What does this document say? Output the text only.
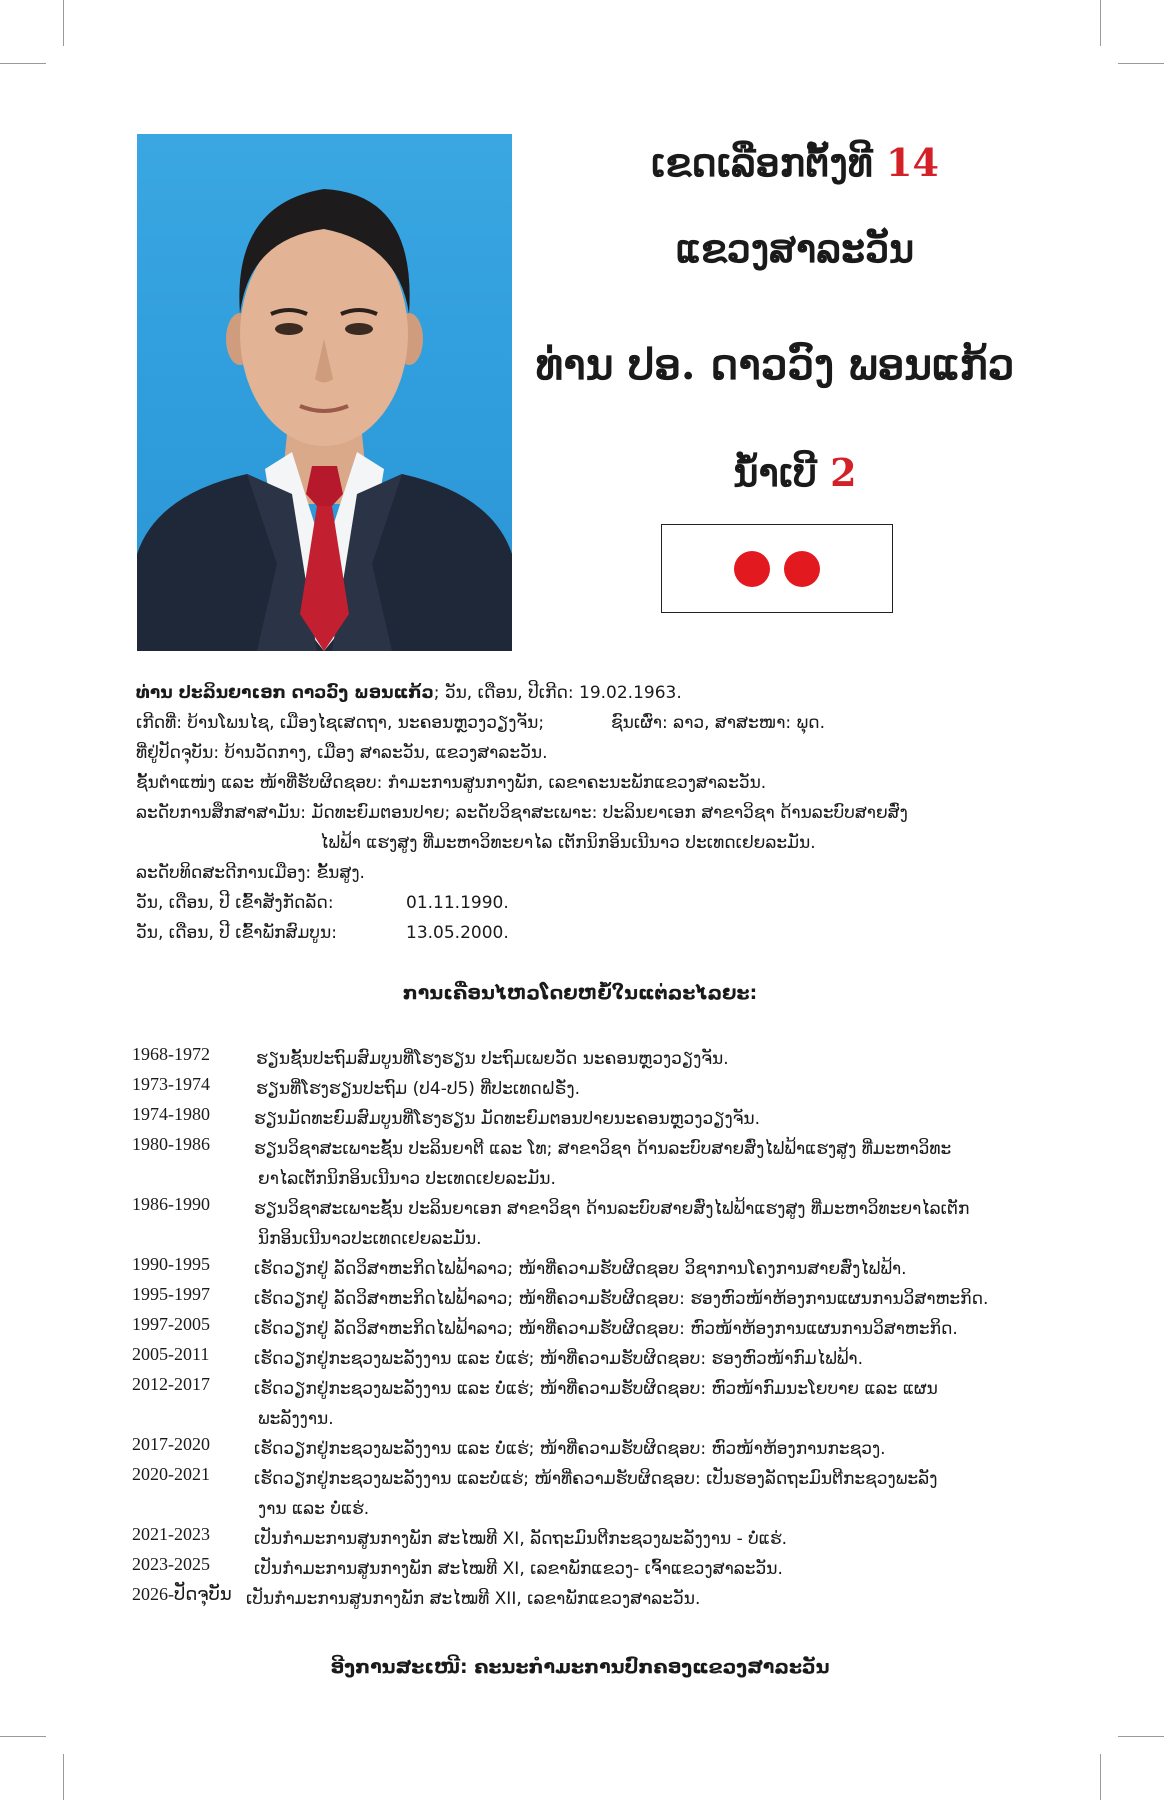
ເຂດເລືອກຕັ້ງທີ 14
ແຂວງສາລະວັນ
ທ່ານ ປອ. ດາວວົງ ພອນແກ້ວ
ນໍ້າເບີ 2
ທ່ານ ປະລິນຍາເອກ ດາວວົງ ພອນແກ້ວ; ວັນ, ເດືອນ, ປີເກີດ: 19.02.1963.
ເກີດທີ່: ບ້ານໂພນໄຊ, ເມືອງໄຊເສດຖາ, ນະຄອນຫຼວງວຽງຈັນ;	ຊົນເຜົ່າ: ລາວ, ສາສະໜາ: ພຸດ.
ທີ່ຢູ່ປັດຈຸບັນ: ບ້ານວັດກາງ, ເມືອງ ສາລະວັນ, ແຂວງສາລະວັນ.
ຊັ້ນຕໍາແໜ່ງ ແລະ ໜ້າທີ່ຮັບຜິດຊອບ: ກໍາມະການສູນກາງພັກ, ເລຂາຄະນະພັກແຂວງສາລະວັນ.
ລະດັບການສຶກສາສາມັນ: ມັດທະຍົມຕອນປາຍ; ລະດັບວິຊາສະເພາະ: ປະລິນຍາເອກ ສາຂາວິຊາ ດ້ານລະບົບສາຍສົ່ງ
ໄຟຟ້າ ແຮງສູງ ທີ່ມະຫາວິທະຍາໄລ ເຕັກນິກອິນເນີນາວ ປະເທດເຢຍລະມັນ.
ລະດັບທິດສະດີການເມືອງ: ຂັ້ນສູງ.
ວັນ, ເດືອນ, ປີ ເຂົ້າສັງກັດລັດ:	01.11.1990.
ວັນ, ເດືອນ, ປີ ເຂົ້າພັກສົມບູນ:	13.05.2000.
ການເຄື່ອນໄຫວໂດຍຫຍໍ້ໃນແຕ່ລະໄລຍະ:
1968-1972	ຮຽນຊັ້ນປະຖົມສົມບູນທີ່ໂຮງຮຽນ ປະຖົມເພຍວັດ ນະຄອນຫຼວງວຽງຈັນ.
1973-1974	ຮຽນທີ່ໂຮງຮຽນປະຖົມ (ປ4-ປ5) ທີ່ປະເທດຝຣັ່ງ.
1974-1980	ຮຽນມັດທະຍົມສົມບູນທີ່ໂຮງຮຽນ ມັດທະຍົມຕອນປາຍນະຄອນຫຼວງວຽງຈັນ.
1980-1986	ຮຽນວິຊາສະເພາະຊັ້ນ ປະລິນຍາຕີ ແລະ ໂທ; ສາຂາວິຊາ ດ້ານລະບົບສາຍສົ່ງໄຟຟ້າແຮງສູງ ທີ່ມະຫາວິທະ
ຍາໄລເຕັກນິກອິນເນີນາວ ປະເທດເຢຍລະມັນ.
1986-1990	ຮຽນວິຊາສະເພາະຊັ້ນ ປະລິນຍາເອກ ສາຂາວິຊາ ດ້ານລະບົບສາຍສົ່ງໄຟຟ້າແຮງສູງ ທີ່ມະຫາວິທະຍາໄລເຕັກ
ນິກອິນເນີນາວປະເທດເຢຍລະມັນ.
1990-1995	ເຮັດວຽກຢູ່ ລັດວິສາຫະກິດໄຟຟ້າລາວ; ໜ້າທີ່ຄວາມຮັບຜິດຊອບ ວິຊາການໂຄງການສາຍສົ່ງໄຟຟ້າ.
1995-1997	ເຮັດວຽກຢູ່ ລັດວິສາຫະກິດໄຟຟ້າລາວ; ໜ້າທີ່ຄວາມຮັບຜິດຊອບ: ຮອງຫົວໜ້າຫ້ອງການແຜນການວິສາຫະກິດ.
1997-2005	ເຮັດວຽກຢູ່ ລັດວິສາຫະກິດໄຟຟ້າລາວ; ໜ້າທີ່ຄວາມຮັບຜິດຊອບ: ຫົວໜ້າຫ້ອງການແຜນການວິສາຫະກິດ.
2005-2011	ເຮັດວຽກຢູ່ກະຊວງພະລັງງານ ແລະ ບໍ່ແຮ່; ໜ້າທີ່ຄວາມຮັບຜິດຊອບ: ຮອງຫົວໜ້າກົມໄຟຟ້າ.
2012-2017	ເຮັດວຽກຢູ່ກະຊວງພະລັງງານ ແລະ ບໍ່ແຮ່; ໜ້າທີ່ຄວາມຮັບຜິດຊອບ: ຫົວໜ້າກົມນະໂຍບາຍ ແລະ ແຜນ
ພະລັງງານ.
2017-2020	ເຮັດວຽກຢູ່ກະຊວງພະລັງງານ ແລະ ບໍ່ແຮ່; ໜ້າທີ່ຄວາມຮັບຜິດຊອບ: ຫົວໜ້າຫ້ອງການກະຊວງ.
2020-2021	ເຮັດວຽກຢູ່ກະຊວງພະລັງງານ ແລະບໍ່ແຮ່; ໜ້າທີ່ຄວາມຮັບຜິດຊອບ: ເປັນຮອງລັດຖະມົນຕີກະຊວງພະລັງ
ງານ ແລະ ບໍ່ແຮ່.
2021-2023	ເປັນກໍາມະການສູນກາງພັກ ສະໄໝທີ XI, ລັດຖະມົນຕີກະຊວງພະລັງງານ - ບໍ່ແຮ່.
2023-2025	ເປັນກໍາມະການສູນກາງພັກ ສະໄໝທີ XI, ເລຂາພັກແຂວງ- ເຈົ້າແຂວງສາລະວັນ.
2026-ປັດຈຸບັນ ເປັນກໍາມະການສູນກາງພັກ ສະໄໝທີ XII, ເລຂາພັກແຂວງສາລະວັນ.
ອີງການສະເໜີ: ຄະນະກໍາມະການປົກຄອງແຂວງສາລະວັນ
